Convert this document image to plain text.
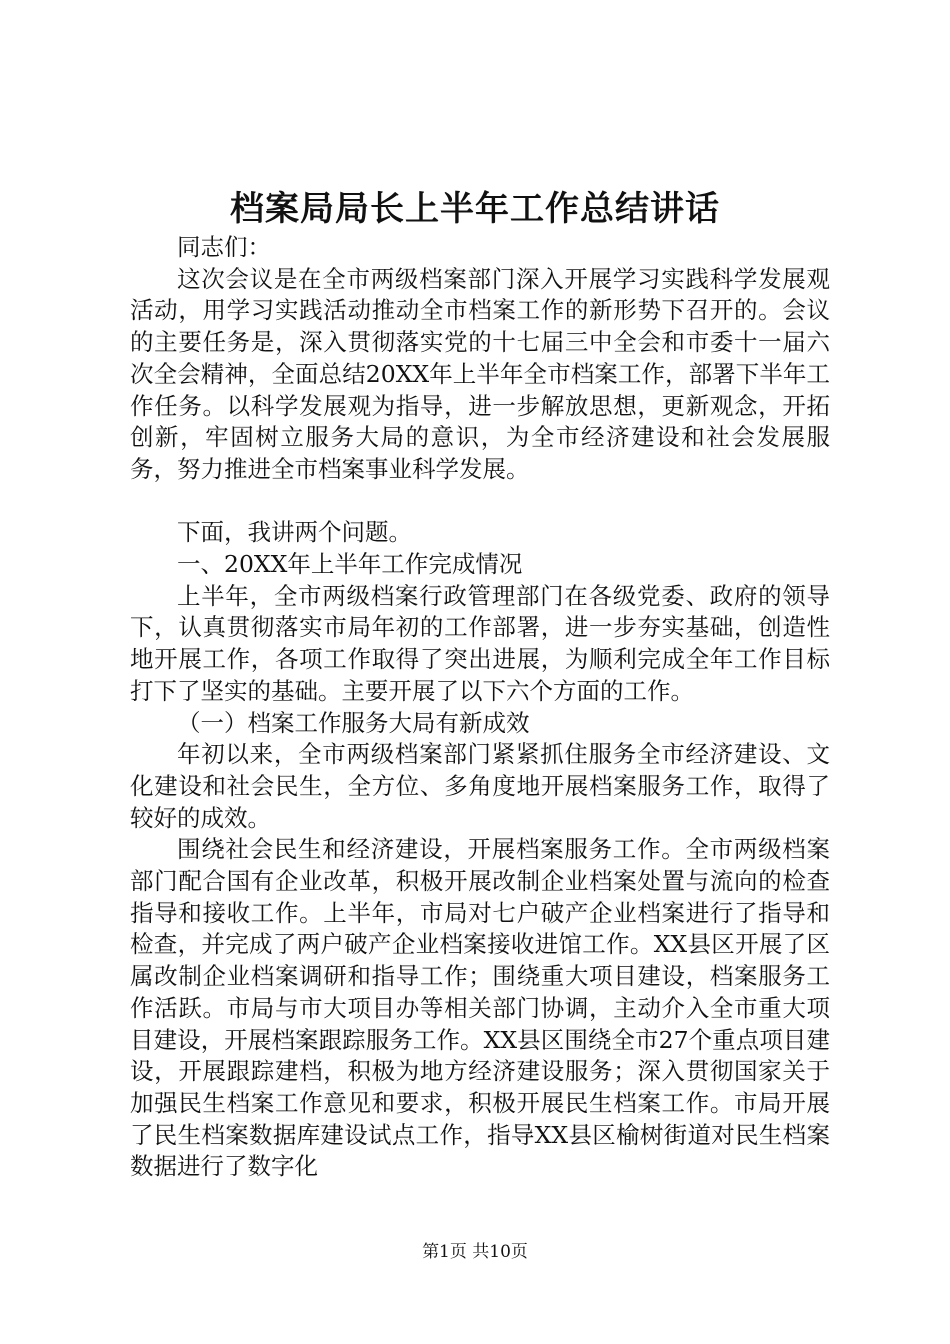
档案局局长上半年工作总结讲话

同志们：

这次会议是在全市两级档案部门深入开展学习实践科学发展观活动，用学习实践活动推动全市档案工作的新形势下召开的。会议的主要任务是，深入贯彻落实党的十七届三中全会和市委十一届六次全会精神，全面总结20XX年上半年全市档案工作，部署下半年工作任务。以科学发展观为指导，进一步解放思想，更新观念，开拓创新，牢固树立服务大局的意识，为全市经济建设和社会发展服务，努力推进全市档案事业科学发展。

下面，我讲两个问题。

一、20XX年上半年工作完成情况

上半年，全市两级档案行政管理部门在各级党委、政府的领导下，认真贯彻落实市局年初的工作部署，进一步夯实基础，创造性地开展工作，各项工作取得了突出进展，为顺利完成全年工作目标打下了坚实的基础。主要开展了以下六个方面的工作。

（一）档案工作服务大局有新成效

年初以来，全市两级档案部门紧紧抓住服务全市经济建设、文化建设和社会民生，全方位、多角度地开展档案服务工作，取得了较好的成效。

围绕社会民生和经济建设，开展档案服务工作。全市两级档案部门配合国有企业改革，积极开展改制企业档案处置与流向的检查指导和接收工作。上半年，市局对七户破产企业档案进行了指导和检查，并完成了两户破产企业档案接收进馆工作。XX县区开展了区属改制企业档案调研和指导工作；围绕重大项目建设，档案服务工作活跃。市局与市大项目办等相关部门协调，主动介入全市重大项目建设，开展档案跟踪服务工作。XX县区围绕全市27个重点项目建设，开展跟踪建档，积极为地方经济建设服务；深入贯彻国家关于加强民生档案工作意见和要求，积极开展民生档案工作。市局开展了民生档案数据库建设试点工作，指导XX县区榆树街道对民生档案数据进行了数字化

第1页 共10页
